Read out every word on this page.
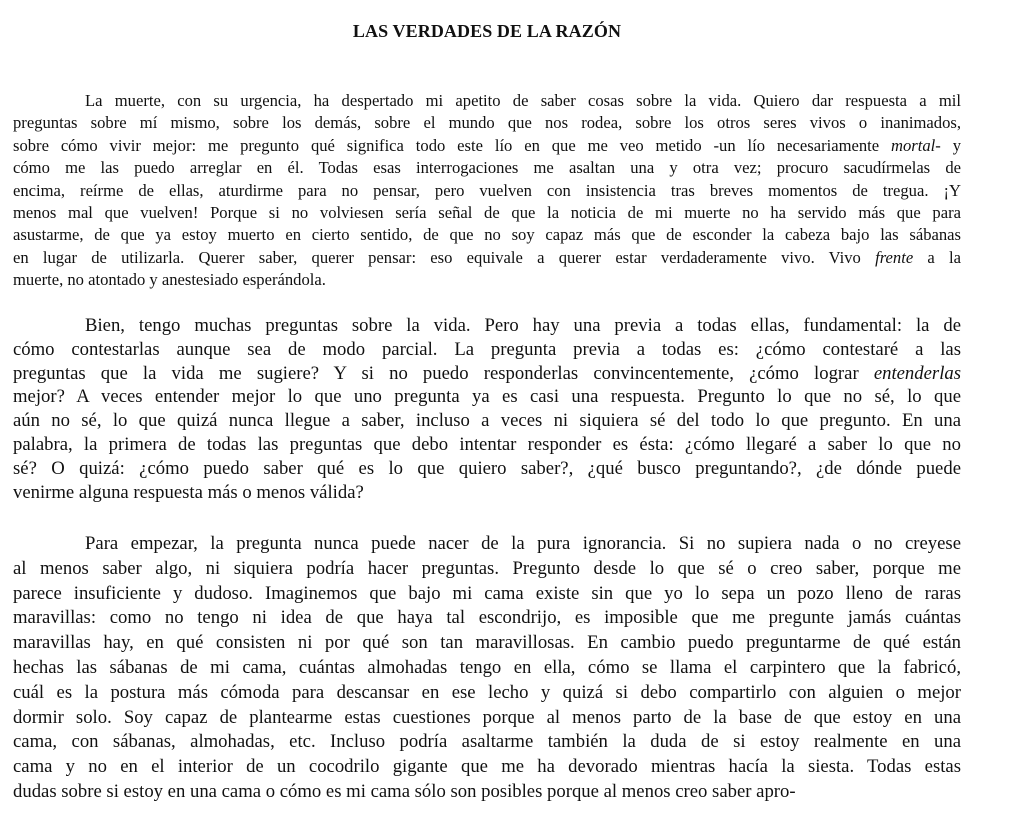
LAS VERDADES DE LA RAZÓN
La muerte, con su urgencia, ha despertado mi apetito de saber cosas sobre la vida. Quiero dar respuesta a mil
preguntas sobre mí mismo, sobre los demás, sobre el mundo que nos rodea, sobre los otros seres vivos o inanimados,
sobre cómo vivir mejor: me pregunto qué significa todo este lío en que me veo metido -un lío necesariamente mortal- y
cómo me las puedo arreglar en él. Todas esas interrogaciones me asaltan una y otra vez; procuro sacudírmelas de
encima, reírme de ellas, aturdirme para no pensar, pero vuelven con insistencia tras breves momentos de tregua. ¡Y
menos mal que vuelven! Porque si no volviesen sería señal de que la noticia de mi muerte no ha servido más que para
asustarme, de que ya estoy muerto en cierto sentido, de que no soy capaz más que de esconder la cabeza bajo las sábanas
en lugar de utilizarla. Querer saber, querer pensar: eso equivale a querer estar verdaderamente vivo. Vivo frente a la
muerte, no atontado y anestesiado esperándola.
Bien, tengo muchas preguntas sobre la vida. Pero hay una previa a todas ellas, fundamental: la de
cómo contestarlas aunque sea de modo parcial. La pregunta previa a todas es: ¿cómo contestaré a las
preguntas que la vida me sugiere? Y si no puedo responderlas convincentemente, ¿cómo lograr entenderlas
mejor? A veces entender mejor lo que uno pregunta ya es casi una respuesta. Pregunto lo que no sé, lo que
aún no sé, lo que quizá nunca llegue a saber, incluso a veces ni siquiera sé del todo lo que pregunto. En una
palabra, la primera de todas las preguntas que debo intentar responder es ésta: ¿cómo llegaré a saber lo que no
sé? O quizá: ¿cómo puedo saber qué es lo que quiero saber?, ¿qué busco preguntando?, ¿de dónde puede
venirme alguna respuesta más o menos válida?
Para empezar, la pregunta nunca puede nacer de la pura ignorancia. Si no supiera nada o no creyese
al menos saber algo, ni siquiera podría hacer preguntas. Pregunto desde lo que sé o creo saber, porque me
parece insuficiente y dudoso. Imaginemos que bajo mi cama existe sin que yo lo sepa un pozo lleno de raras
maravillas: como no tengo ni idea de que haya tal escondrijo, es imposible que me pregunte jamás cuántas
maravillas hay, en qué consisten ni por qué son tan maravillosas. En cambio puedo preguntarme de qué están
hechas las sábanas de mi cama, cuántas almohadas tengo en ella, cómo se llama el carpintero que la fabricó,
cuál es la postura más cómoda para descansar en ese lecho y quizá si debo compartirlo con alguien o mejor
dormir solo. Soy capaz de plantearme estas cuestiones porque al menos parto de la base de que estoy en una
cama, con sábanas, almohadas, etc. Incluso podría asaltarme también la duda de si estoy realmente en una
cama y no en el interior de un cocodrilo gigante que me ha devorado mientras hacía la siesta. Todas estas
dudas sobre si estoy en una cama o cómo es mi cama sólo son posibles porque al menos creo saber apro-
